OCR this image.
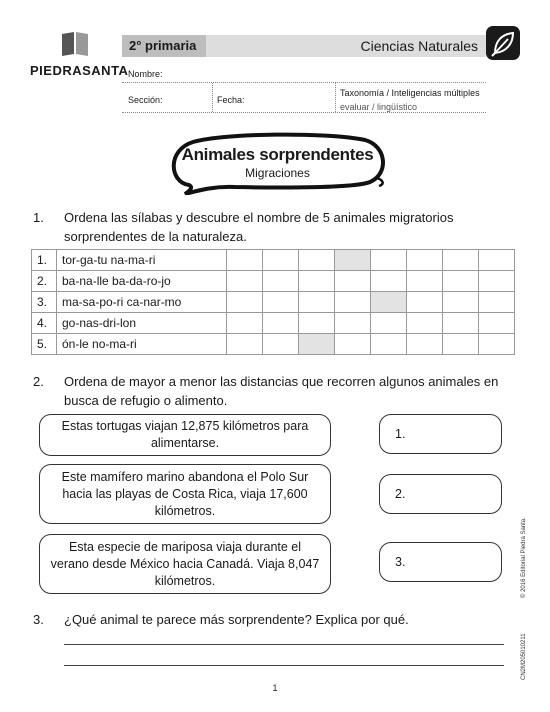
PIEDRASANTA
2° primaria	Ciencias Naturales
Nombre:
Sección:	Fecha:
Taxonomía / Inteligencias múltiples
evaluar / lingüístico
Animales sorprendentes
Migraciones
1. Ordena las sílabas y descubre el nombre de 5 animales migratorios sorprendentes de la naturaleza.
1.	tor-ga-tu na-ma-ri								
2.	ba-na-lle ba-da-ro-jo								
3.	ma-sa-po-ri ca-nar-mo								
4.	go-nas-dri-lon								
5.	ón-le no-ma-ri								
2. Ordena de mayor a menor las distancias que recorren algunos animales en busca de refugio o alimento.
Estas tortugas viajan 12,875 kilómetros para alimentarse.
1.
Este mamífero marino abandona el Polo Sur hacia las playas de Costa Rica, viaja 17,600 kilómetros.
2.
Esta especie de mariposa viaja durante el verano desde México hacia Canadá. Viaja 8,047 kilómetros.
3.
3. ¿Qué animal te parece más sorprendente? Explica por qué.
1
© 2016 Editorial Piedra Santa.
CN2M205010211
